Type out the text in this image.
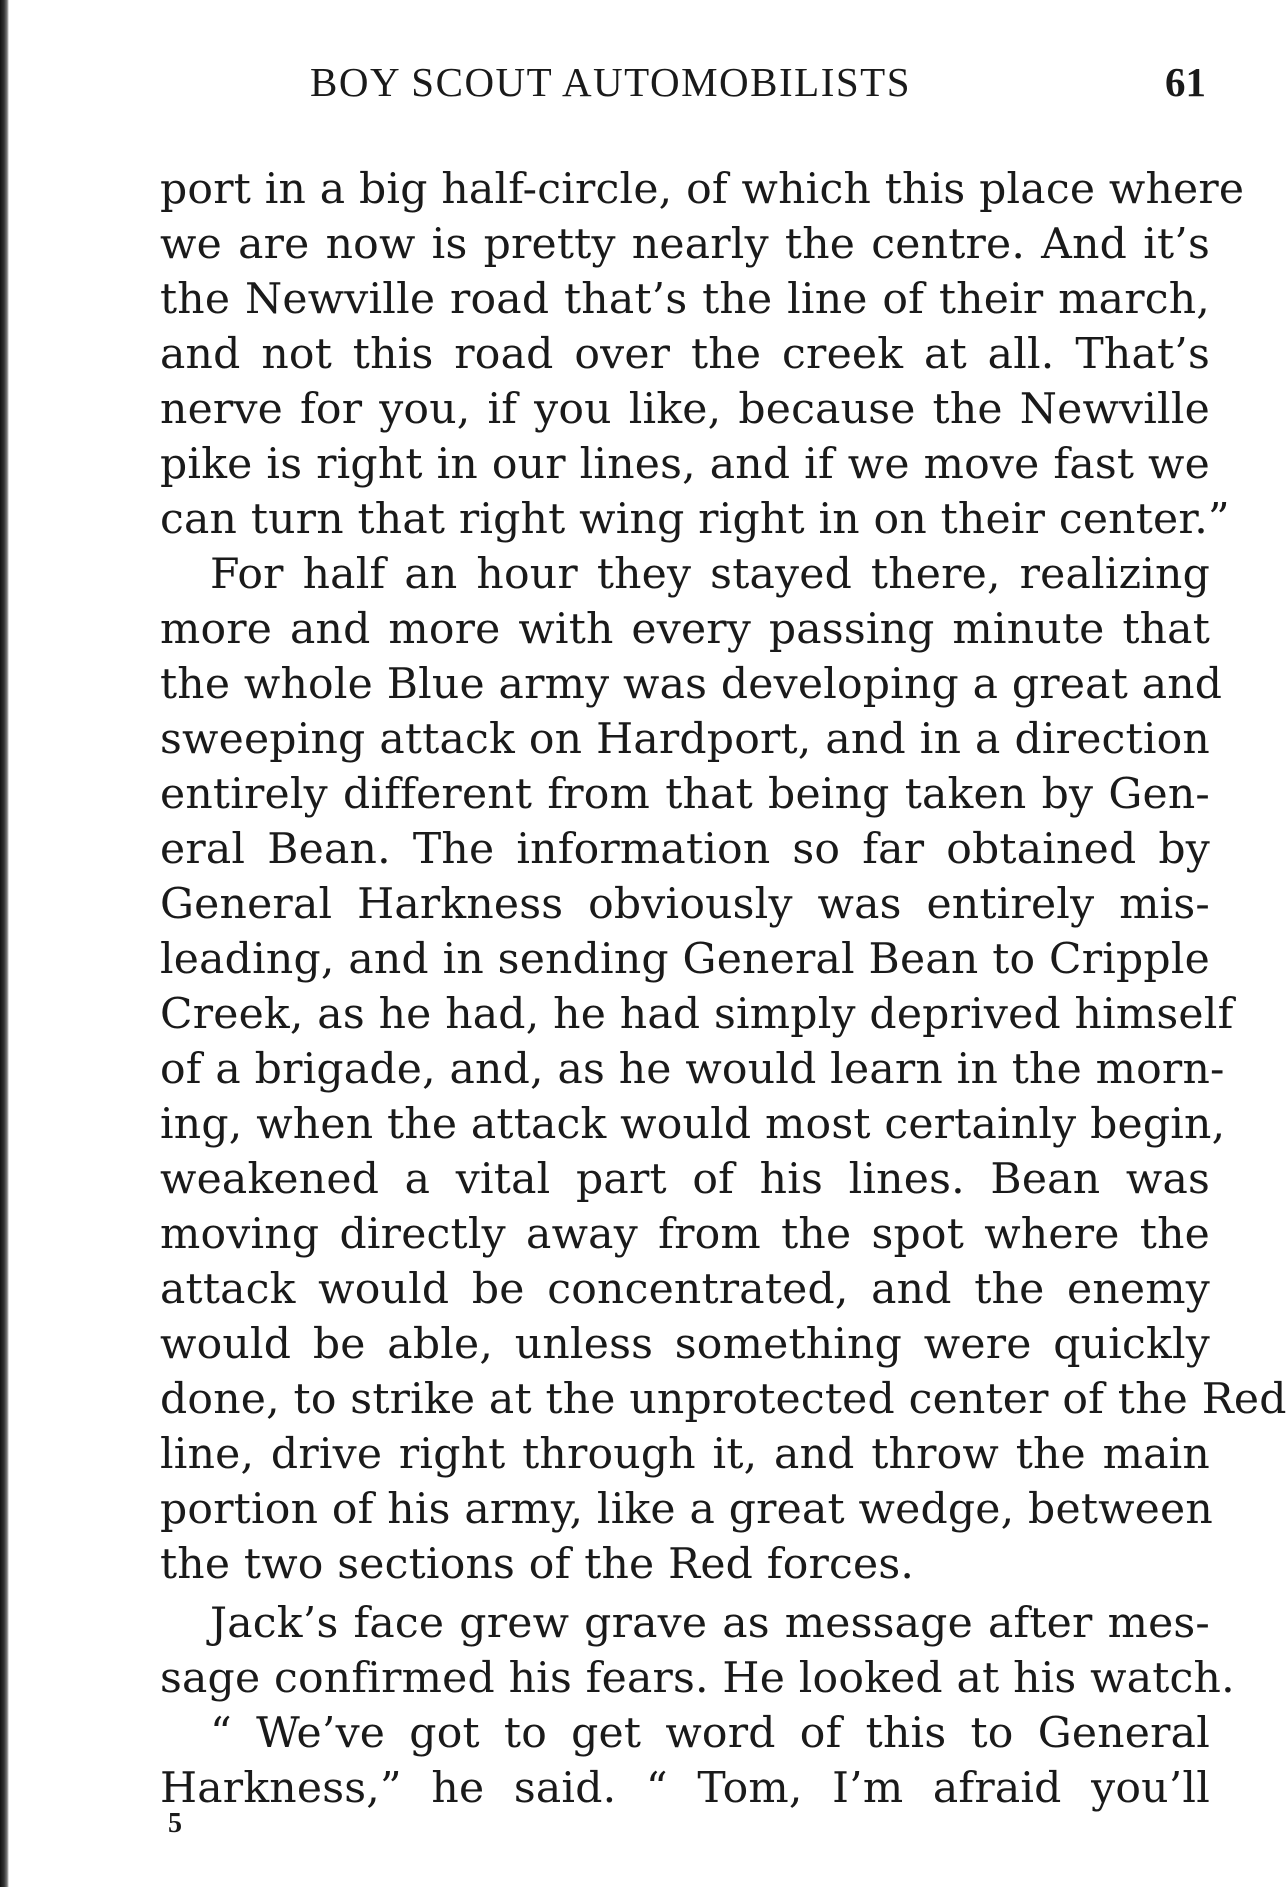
BOY SCOUT AUTOMOBILISTS	61
port in a big half-circle, of which this place where
we are now is pretty nearly the centre. And it’s
the Newville road that’s the line of their march,
and not this road over the creek at all. That’s
nerve for you, if you like, because the Newville
pike is right in our lines, and if we move fast we
can turn that right wing right in on their center.”
For half an hour they stayed there, realizing
more and more with every passing minute that
the whole Blue army was developing a great and
sweeping attack on Hardport, and in a direction
entirely different from that being taken by Gen-
eral Bean. The information so far obtained by
General Harkness obviously was entirely mis-
leading, and in sending General Bean to Cripple
Creek, as he had, he had simply deprived himself
of a brigade, and, as he would learn in the morn-
ing, when the attack would most certainly begin,
weakened a vital part of his lines. Bean was
moving directly away from the spot where the
attack would be concentrated, and the enemy
would be able, unless something were quickly
done, to strike at the unprotected center of the Red
line, drive right through it, and throw the main
portion of his army, like a great wedge, between
the two sections of the Red forces.
Jack’s face grew grave as message after mes-
sage confirmed his fears. He looked at his watch.
“ We’ve got to get word of this to General
Harkness,” he said. “ Tom, I’m afraid you’ll
5
